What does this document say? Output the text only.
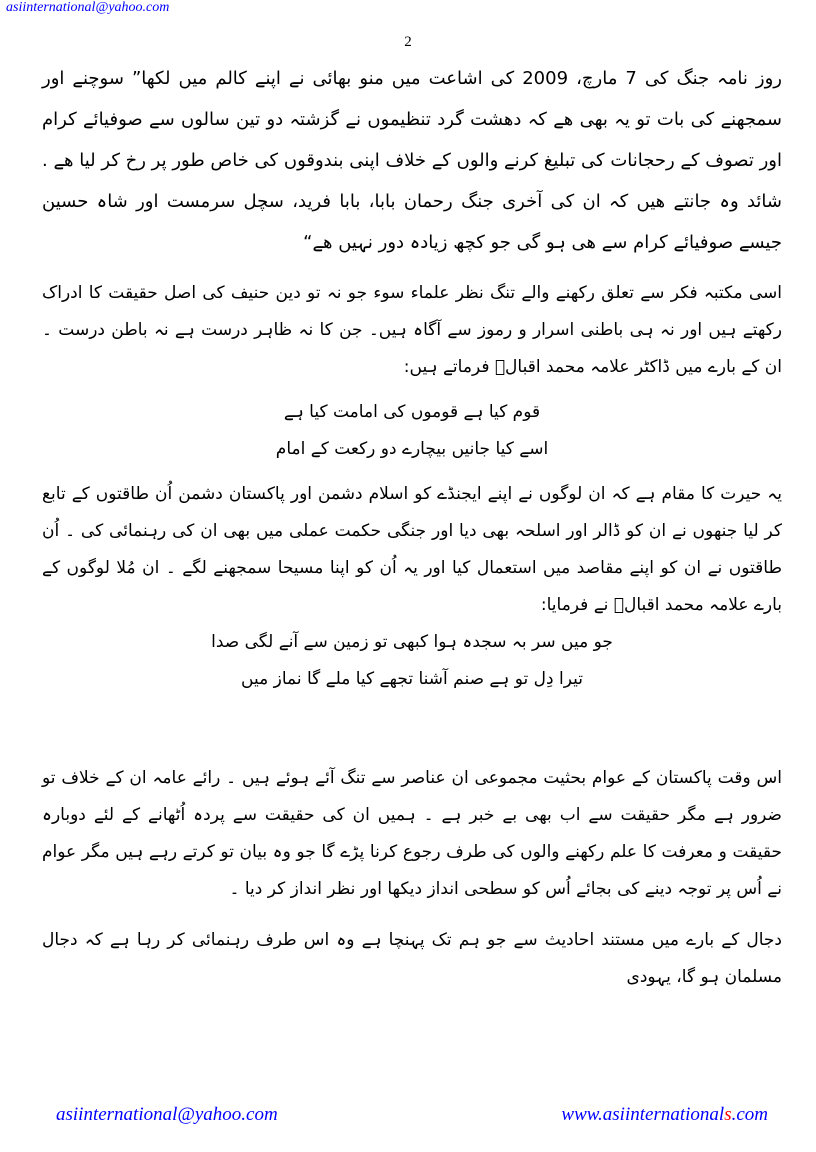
asiinternational@yahoo.com
2

روز نامہ جنگ کی 7 مارچ، 2009 کی اشاعت میں منو بھائی نے اپنے کالم میں لکھا” سوچنے اور سمجھنے کی بات تو یہ بھی ھے کہ دھشت گرد تنظیموں نے گزشتہ دو تین سالوں سے صوفیائے کرام اور تصوف کے رحجانات کی تبلیغ کرنے والوں کے خلاف اپنی بندوقوں کی خاص طور پر رخ کر لیا ھے . شائد وہ جانتے ھیں کہ ان کی آخری جنگ رحمان بابا، بابا فرید، سچل سرمست اور شاہ حسین جیسے صوفیائے کرام سے ھی ہو گی جو کچھ زیادہ دور نہیں ھے“

اسی مکتبہ فکر سے تعلق رکھنے والے تنگ نظر علماء سوء جو نہ تو دین حنیف کی اصل حقیقت کا ادراک رکھتے ہیں اور نہ ہی باطنی اسرار و رموز سے آگاہ ہیں۔ جن کا نہ ظاہر درست ہے نہ باطن درست ۔ ان کے بارے میں ڈاکٹر علامہ محمد اقبالؒ فرماتے ہیں:

قوم کیا ہے قوموں کی امامت کیا ہے

اسے کیا جانیں بیچارے دو رکعت کے امام

یہ حیرت کا مقام ہے کہ ان لوگوں نے اپنے ایجنڈے کو اسلام دشمن اور پاکستان دشمن اُن طاقتوں کے تابع کر لیا جنھوں نے ان کو ڈالر اور اسلحہ بھی دیا اور جنگی حکمت عملی میں بھی ان کی رہنمائی کی ۔ اُن طاقتوں نے ان کو اپنے مقاصد میں استعمال کیا اور یہ اُن کو اپنا مسیحا سمجھنے لگے ۔ ان مُلا لوگوں کے بارے علامہ محمد اقبالؒ نے فرمایا:

جو میں سر بہ سجدہ ہوا کبھی تو زمین سے آنے لگی صدا

تیرا دِل تو ہے صنم آشنا تجھے کیا ملے گا نماز میں

اس وقت پاکستان کے عوام بحثیت مجموعی ان عناصر سے تنگ آئے ہوئے ہیں ۔ رائے عامہ ان کے خلاف تو ضرور ہے مگر حقیقت سے اب بھی بے خبر ہے ۔ ہمیں ان کی حقیقت سے پردہ اُٹھانے کے لئے دوبارہ حقیقت و معرفت کا علم رکھنے والوں کی طرف رجوع کرنا پڑے گا جو وہ بیان تو کرتے رہے ہیں مگر عوام نے اُس پر توجہ دینے کی بجائے اُس کو سطحی انداز دیکھا اور نظر انداز کر دیا ۔

دجال کے بارے میں مستند احادیث سے جو ہم تک پہنچا ہے وہ اس طرف رہنمائی کر رہا ہے کہ دجال مسلمان ہو گا، یہودی

asiinternational@yahoo.com	www.asiinternationals.com
